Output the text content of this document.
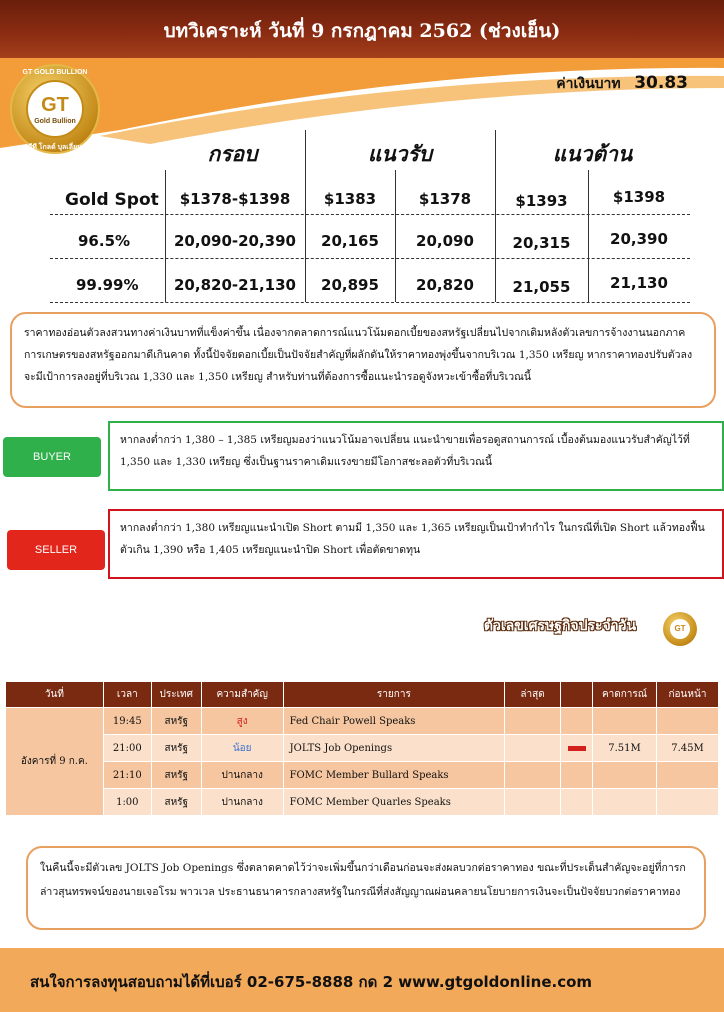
บทวิเคราะห์ วันที่ 9 กรกฎาคม 2562 (ช่วงเย็น)
GT GOLD BULLION
GT
Gold Bullion
จีที โกลด์ บุลเลี่ยน
ค่าเงินบาท 30.83
กรอบ	แนวรับ	แนวต้าน
Gold Spot	$1378-$1398	$1383	$1378	$1393	$1398
96.5%	20,090-20,390	20,165	20,090	20,315	20,390
99.99%	20,820-21,130	20,895	20,820	21,055	21,130
ราคาทองอ่อนตัวลงสวนทางค่าเงินบาทที่แข็งค่าขึ้น เนื่องจากตลาดการณ์แนวโน้มดอกเบี้ยของสหรัฐเปลี่ยนไปจากเดิมหลังตัวเลขการจ้างงานนอกภาคการเกษตรของสหรัฐออกมาดีเกินคาด ทั้งนี้ปัจจัยดอกเบี้ยเป็นปัจจัยสำคัญที่ผลักดันให้ราคาทองพุ่งขึ้นจากบริเวณ 1,350 เหรียญ หากราคาทองปรับตัวลงจะมีเป้าการลงอยู่ที่บริเวณ 1,330 และ 1,350 เหรียญ สำหรับท่านที่ต้องการซื้อแนะนำรอดูจังหวะเข้าซื้อที่บริเวณนี้
BUYER
หากลงต่ำกว่า 1,380 – 1,385 เหรียญมองว่าแนวโน้มอาจเปลี่ยน แนะนำขายเพื่อรอดูสถานการณ์ เบื้องต้นมองแนวรับสำคัญไว้ที่ 1,350 และ 1,330 เหรียญ ซึ่งเป็นฐานราคาเดิมแรงขายมีโอกาสชะลอตัวที่บริเวณนี้
SELLER
หากลงต่ำกว่า 1,380 เหรียญแนะนำเปิด Short ตามมี 1,350 และ 1,365 เหรียญเป็นเป้าทำกำไร ในกรณีที่เปิด Short แล้วทองฟื้นตัวเกิน 1,390 หรือ 1,405 เหรียญแนะนำปิด Short เพื่อตัดขาดทุน
ตัวเลขเศรษฐกิจประจำวัน	GT
วันที่	เวลา	ประเทศ	ความสำคัญ	รายการ	ล่าสุด		คาดการณ์	ก่อนหน้า
อังคารที่ 9 ก.ค.	19:45	สหรัฐ	สูง	Fed Chair Powell Speaks				
	21:00	สหรัฐ	น้อย	JOLTS Job Openings			7.51M	7.45M
	21:10	สหรัฐ	ปานกลาง	FOMC Member Bullard Speaks				
	1:00	สหรัฐ	ปานกลาง	FOMC Member Quarles Speaks				
ในคืนนี้จะมีตัวเลข JOLTS Job Openings ซึ่งตลาดคาดไว้ว่าจะเพิ่มขึ้นกว่าเดือนก่อนจะส่งผลบวกต่อราคาทอง ขณะที่ประเด็นสำคัญจะอยู่ที่การกล่าวสุนทรพจน์ของนายเจอโรม พาวเวล ประธานธนาคารกลางสหรัฐในกรณีที่ส่งสัญญาณผ่อนคลายนโยบายการเงินจะเป็นปัจจัยบวกต่อราคาทอง
สนใจการลงทุนสอบถามได้ที่เบอร์ 02-675-8888 กด 2 www.gtgoldonline.com
